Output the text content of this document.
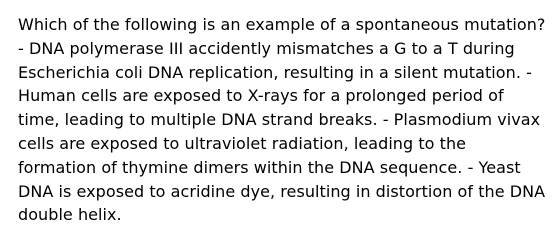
Which of the following is an example of a spontaneous mutation?
- DNA polymerase III accidently mismatches a G to a T during
Escherichia coli DNA replication, resulting in a silent mutation. -
Human cells are exposed to X-rays for a prolonged period of
time, leading to multiple DNA strand breaks. - Plasmodium vivax
cells are exposed to ultraviolet radiation, leading to the
formation of thymine dimers within the DNA sequence. - Yeast
DNA is exposed to acridine dye, resulting in distortion of the DNA
double helix.
